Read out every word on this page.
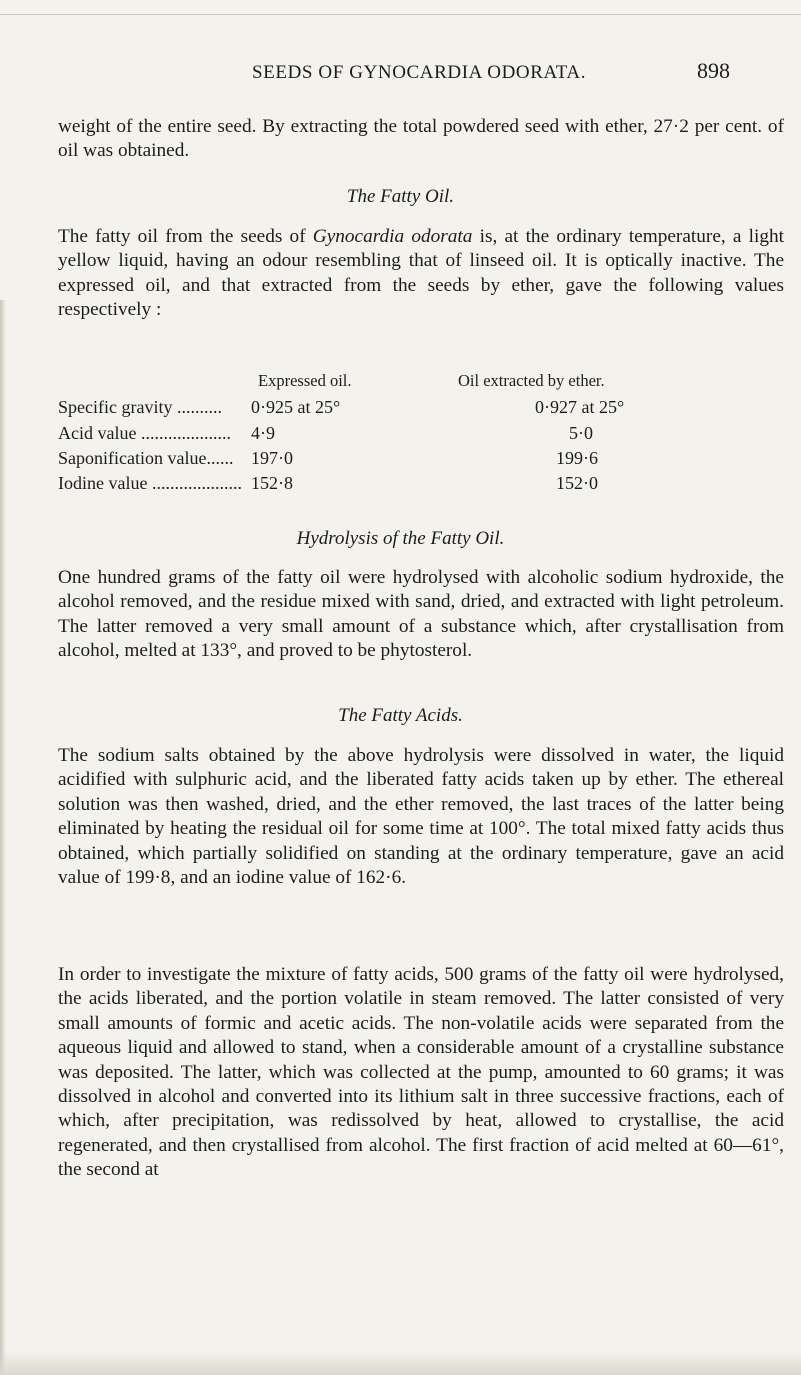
SEEDS OF GYNOCARDIA ODORATA.	898

weight of the entire seed. By extracting the total powdered seed with ether, 27·2 per cent. of oil was obtained.

The Fatty Oil.

The fatty oil from the seeds of Gynocardia odorata is, at the ordinary temperature, a light yellow liquid, having an odour resembling that of linseed oil. It is optically inactive. The expressed oil, and that extracted from the seeds by ether, gave the following values respectively :

Expressed oil.	Oil extracted by ether.
Specific gravity .......... 0·925 at 25°	0·927 at 25°
Acid value .................... 4·9	5·0
Saponification value...... 197·0	199·6
Iodine value .................... 152·8	152·0
Hydrolysis of the Fatty Oil.

One hundred grams of the fatty oil were hydrolysed with alcoholic sodium hydroxide, the alcohol removed, and the residue mixed with sand, dried, and extracted with light petroleum. The latter removed a very small amount of a substance which, after crystallisation from alcohol, melted at 133°, and proved to be phytosterol.

The Fatty Acids.

The sodium salts obtained by the above hydrolysis were dissolved in water, the liquid acidified with sulphuric acid, and the liberated fatty acids taken up by ether. The ethereal solution was then washed, dried, and the ether removed, the last traces of the latter being eliminated by heating the residual oil for some time at 100°. The total mixed fatty acids thus obtained, which partially solidified on standing at the ordinary temperature, gave an acid value of 199·8, and an iodine value of 162·6.

In order to investigate the mixture of fatty acids, 500 grams of the fatty oil were hydrolysed, the acids liberated, and the portion volatile in steam removed. The latter consisted of very small amounts of formic and acetic acids. The non-volatile acids were separated from the aqueous liquid and allowed to stand, when a considerable amount of a crystalline substance was deposited. The latter, which was collected at the pump, amounted to 60 grams; it was dissolved in alcohol and converted into its lithium salt in three successive fractions, each of which, after precipitation, was redissolved by heat, allowed to crystallise, the acid regenerated, and then crystallised from alcohol. The first fraction of acid melted at 60—61°, the second at
